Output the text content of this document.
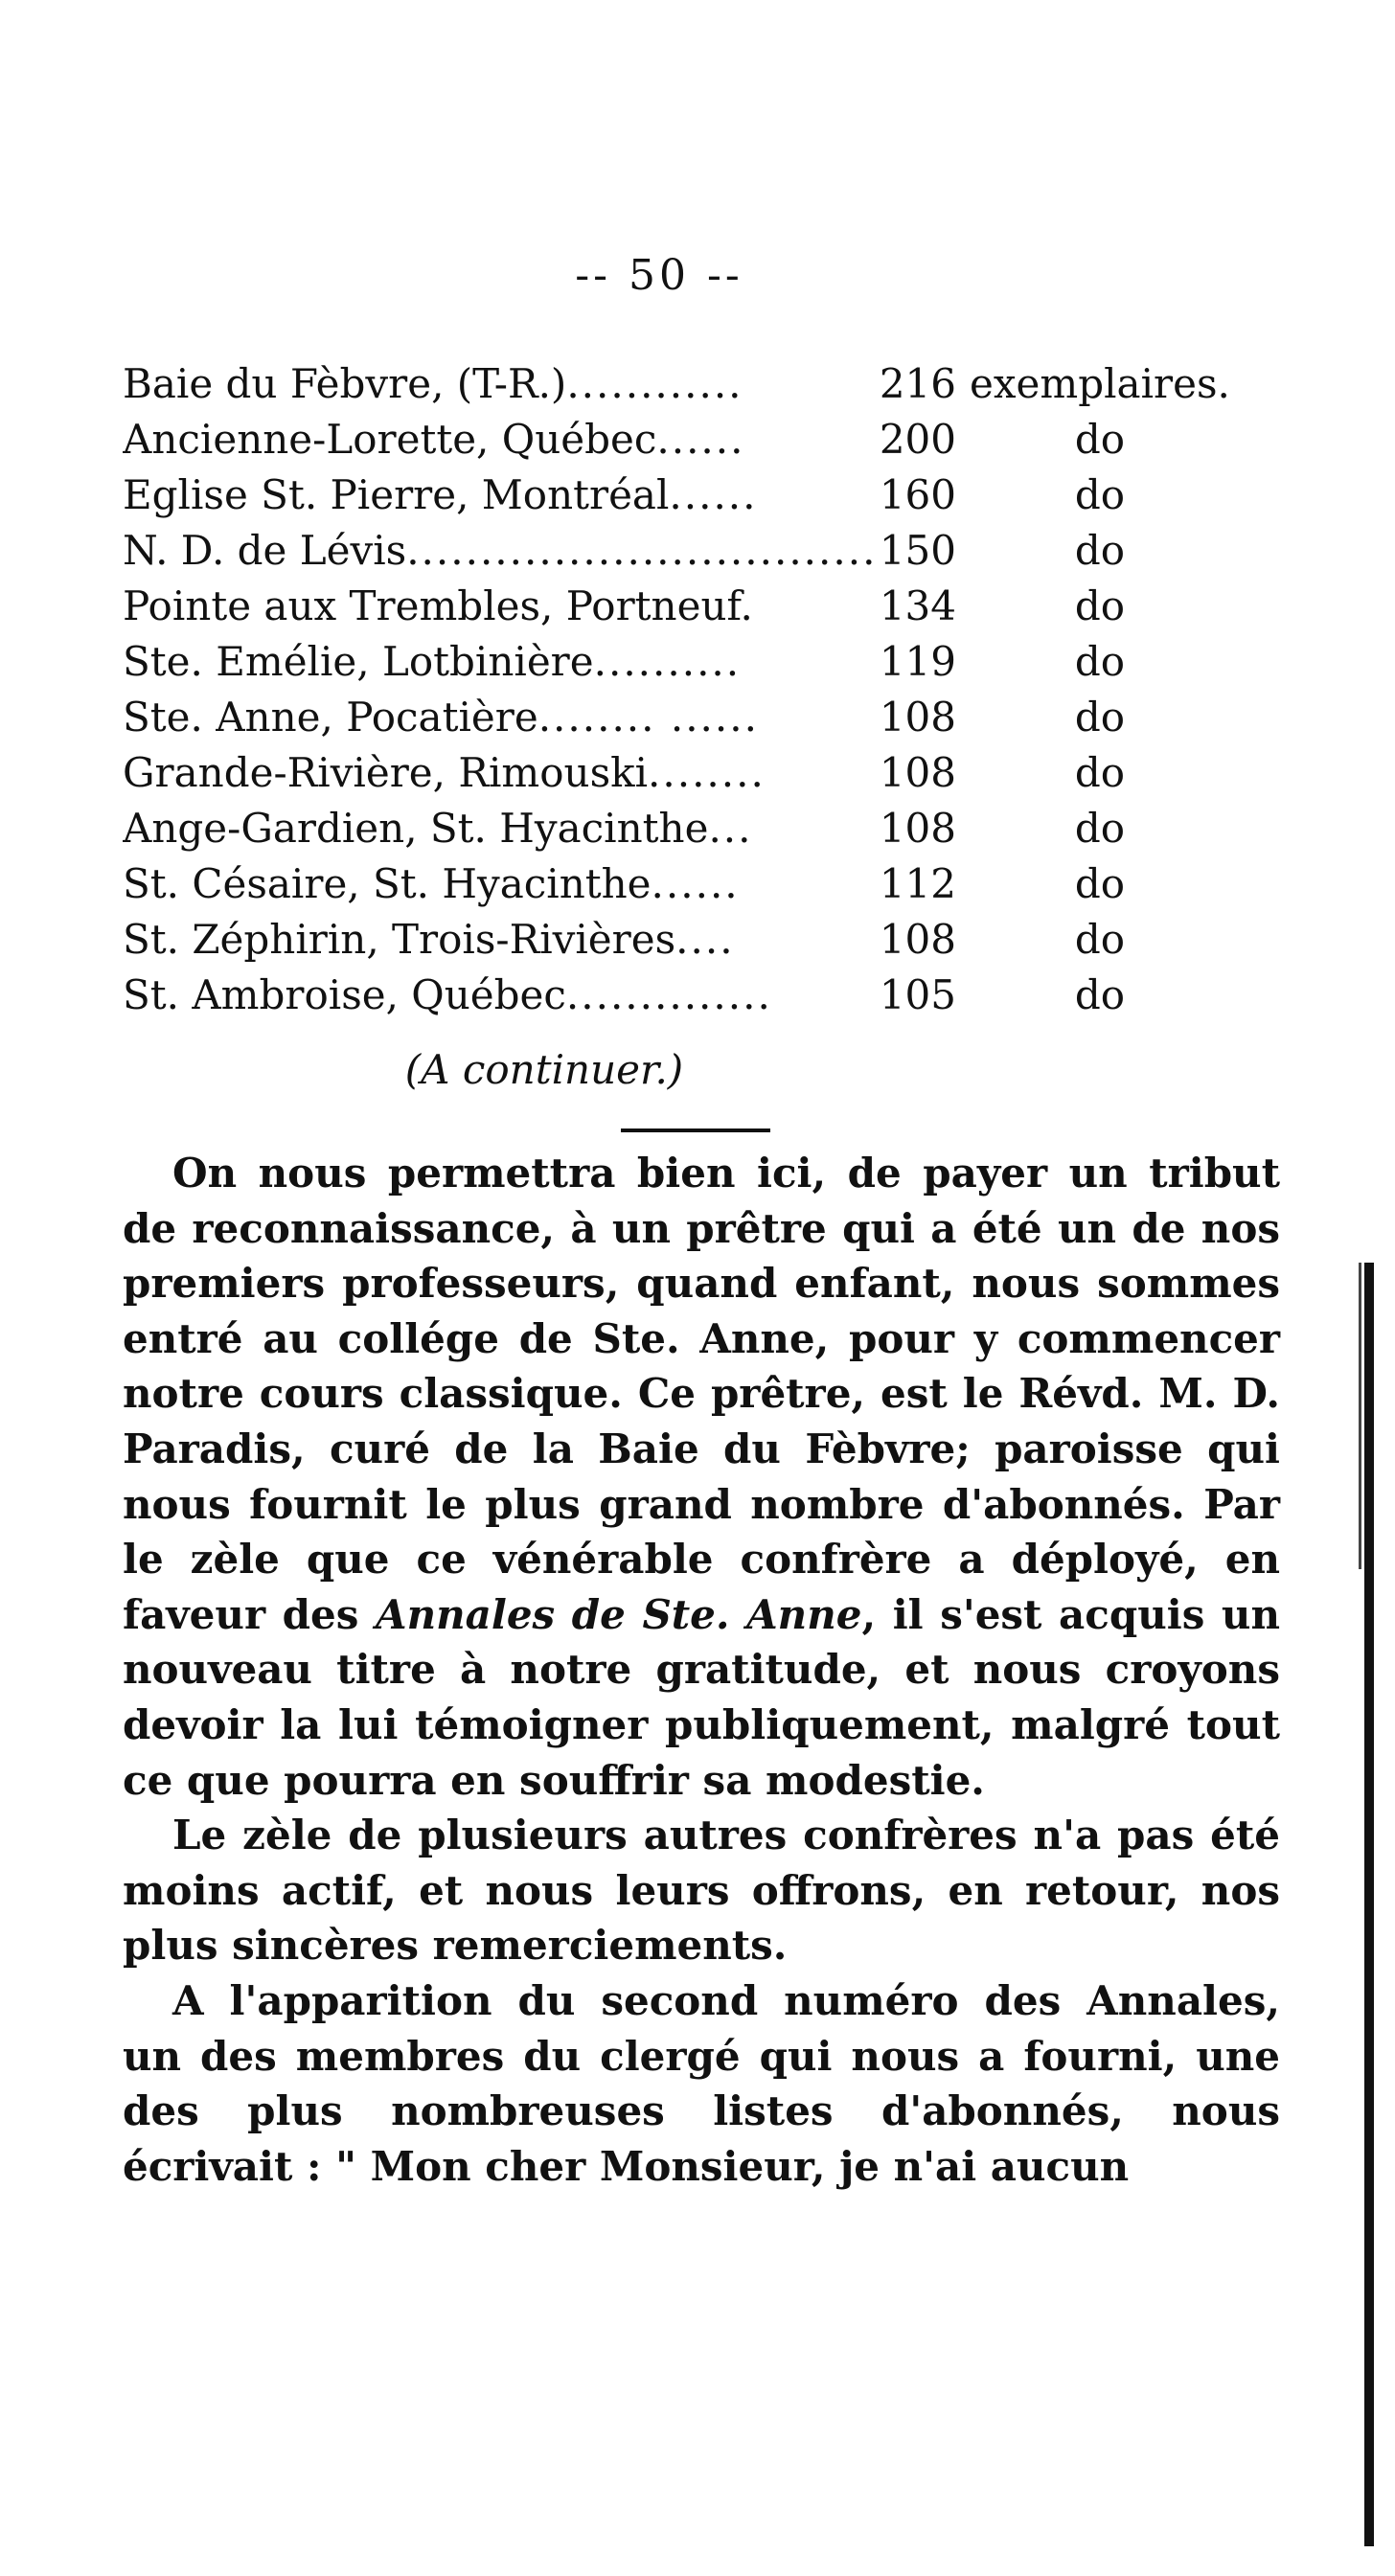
-- 50 --
Baie du Fèbvre, (T-R.) ............	216 exemplaires.
Ancienne-Lorette, Québec ......	200	do
Eglise St. Pierre, Montréal ......	160	do
N. D. de Lévis ................................ 150	do
Pointe aux Trembles, Portneuf.	134	do
Ste. Emélie, Lotbinière ..........	119	do
Ste. Anne, Pocatière ........ ......	108	do
Grande-Rivière, Rimouski ........	108	do
Ange-Gardien, St. Hyacinthe ...	108	do
St. Césaire, St. Hyacinthe ......	112	do
St. Zéphirin, Trois-Rivières ....	108	do
St. Ambroise, Québec ..............	105	do
(A continuer.)

On nous permettra bien ici, de payer un tribut de reconnaissance, à un prêtre qui a été un de nos premiers professeurs, quand enfant, nous sommes entré au collége de Ste. Anne, pour y commencer notre cours classique. Ce prêtre, est le Révd. M. D. Paradis, curé de la Baie du Fèbvre; paroisse qui nous fournit le plus grand nombre d'abonnés. Par le zèle que ce vénérable confrère a déployé, en faveur des Annales de Ste. Anne, il s'est acquis un nouveau titre à notre gratitude, et nous croyons devoir la lui témoigner publiquement, malgré tout ce que pourra en souffrir sa modestie.

Le zèle de plusieurs autres confrères n'a pas été moins actif, et nous leurs offrons, en retour, nos plus sincères remerciements.

A l'apparition du second numéro des Annales, un des membres du clergé qui nous a fourni, une des plus nombreuses listes d'abonnés, nous écrivait : " Mon cher Monsieur, je n'ai aucun
